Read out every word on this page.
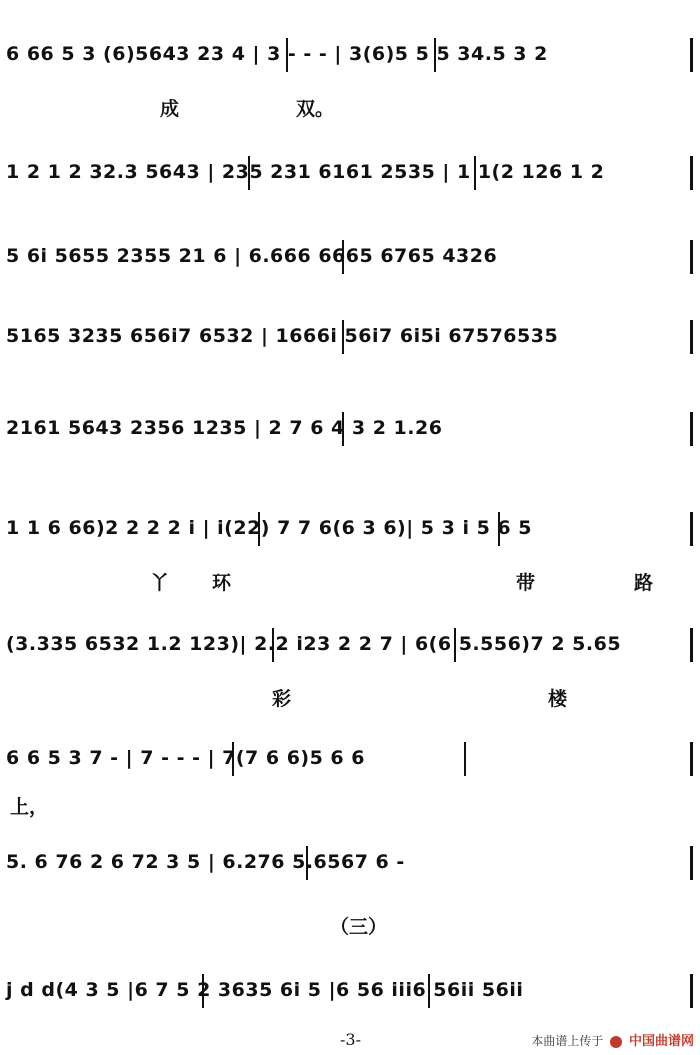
6 66 5 3 (6)5643 23 4 | 3 - - - | 3(6)5 5 5 34.5 3 2
成	双。
1 2 1 2 32.3 5643 | 235 231 6161 2535 | 1 1(2 126 1 2
5 6i 5655 2355 21 6 | 6.666 6665 6765 4326
5165 3235 656i7 6532 | 1666i 56i7 6i5i 67576535
2161 5643 2356 1235 | 2 7 6 4 3 2 1.26
1 1 6 66)2 2 2 2 i | i(22) 7 7 6(6 3 6)| 5 3 i 5 6 5
丫 环	带	路
(3.335 6532 1.2 123)| 2.2 i23 2 2 7 | 6(6 5.556)7 2 5.65
彩	楼
6 6 5 3 7 - | 7 - - - | 7(7 6 6)5 6 6
上，
5. 6 76 2 6 72 3 5 | 6.276 5.6567 6 -
（三）
j d d(4 3 5 |6 7 5 2 3635 6i 5 |6 56 iii6 56ii 56ii
-3-	本曲谱上传于 中国曲谱网
